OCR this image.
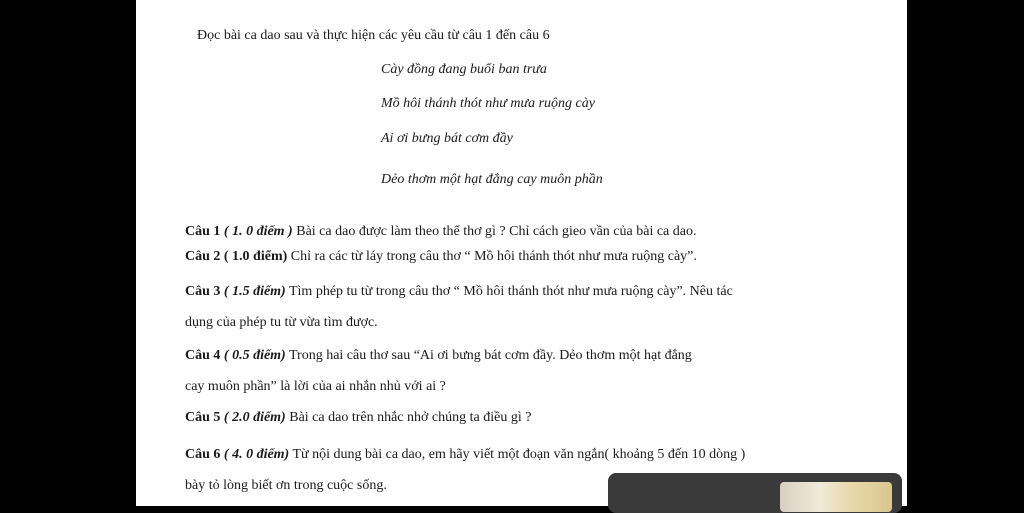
Đọc bài ca dao sau và thực hiện các yêu cầu từ câu 1 đến câu 6
Cày đồng đang buổi ban trưa
Mồ hôi thánh thót như mưa ruộng cày
Ai ơi bưng bát cơm đầy
Dẻo thơm một hạt đắng cay muôn phần
Câu 1 ( 1. 0 điểm ) Bài ca dao được làm theo thể thơ gì ? Chỉ cách gieo vần của bài ca dao.
Câu 2 ( 1.0 điểm) Chỉ ra các từ láy trong câu thơ “ Mồ hôi thánh thót như mưa ruộng cày”.
Câu 3 ( 1.5 điểm) Tìm phép tu từ trong câu thơ “ Mồ hôi thánh thót như mưa ruộng cày”. Nêu tác
dụng của phép tu từ vừa tìm được.
Câu 4 ( 0.5 điểm) Trong hai câu thơ sau “Ai ơi bưng bát cơm đầy. Dẻo thơm một hạt đắng
cay muôn phần” là lời của ai nhắn nhủ với ai ?
Câu 5 ( 2.0 điểm) Bài ca dao trên nhắc nhở chúng ta điều gì ?
Câu 6 ( 4. 0 điểm) Từ nội dung bài ca dao, em hãy viết một đoạn văn ngắn( khoảng 5 đến 10 dòng )
bày tỏ lòng biết ơn trong cuộc sống.
